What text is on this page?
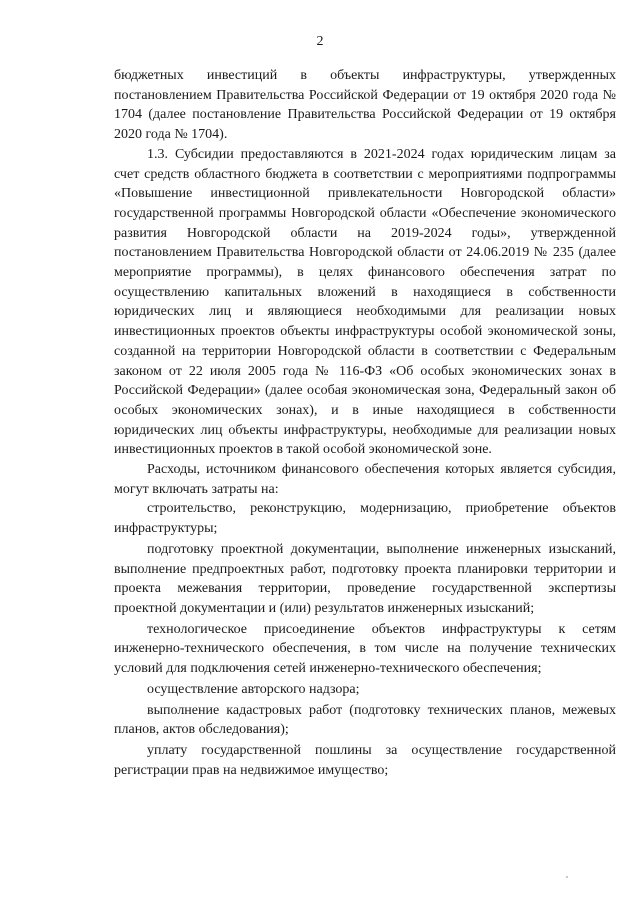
2

бюджетных инвестиций в объекты инфраструктуры, утвержденных постановлением Правительства Российской Федерации от 19 октября 2020 года № 1704 (далее постановление Правительства Российской Федерации от 19 октября 2020 года № 1704).

1.3. Субсидии предоставляются в 2021-2024 годах юридическим лицам за счет средств областного бюджета в соответствии с мероприятиями подпрограммы «Повышение инвестиционной привлекательности Новгородской области» государственной программы Новгородской области «Обеспечение экономического развития Новгородской области на 2019-2024 годы», утвержденной постановлением Правительства Новгородской области от 24.06.2019 № 235 (далее мероприятие программы), в целях финансового обеспечения затрат по осуществлению капитальных вложений в находящиеся в собственности юридических лиц и являющиеся необходимыми для реализации новых инвестиционных проектов объекты инфраструктуры особой экономической зоны, созданной на территории Новгородской области в соответствии с Федеральным законом от 22 июля 2005 года № 116-ФЗ «Об особых экономических зонах в Российской Федерации» (далее особая экономическая зона, Федеральный закон об особых экономических зонах), и в иные находящиеся в собственности юридических лиц объекты инфраструктуры, необходимые для реализации новых инвестиционных проектов в такой особой экономической зоне.

Расходы, источником финансового обеспечения которых является субсидия, могут включать затраты на:

строительство, реконструкцию, модернизацию, приобретение объектов инфраструктуры;

подготовку проектной документации, выполнение инженерных изысканий, выполнение предпроектных работ, подготовку проекта планировки территории и проекта межевания территории, проведение государственной экспертизы проектной документации и (или) результатов инженерных изысканий;

технологическое присоединение объектов инфраструктуры к сетям инженерно-технического обеспечения, в том числе на получение технических условий для подключения сетей инженерно-технического обеспечения;

осуществление авторского надзора;

выполнение кадастровых работ (подготовку технических планов, межевых планов, актов обследования);

уплату государственной пошлины за осуществление государственной регистрации прав на недвижимое имущество;
